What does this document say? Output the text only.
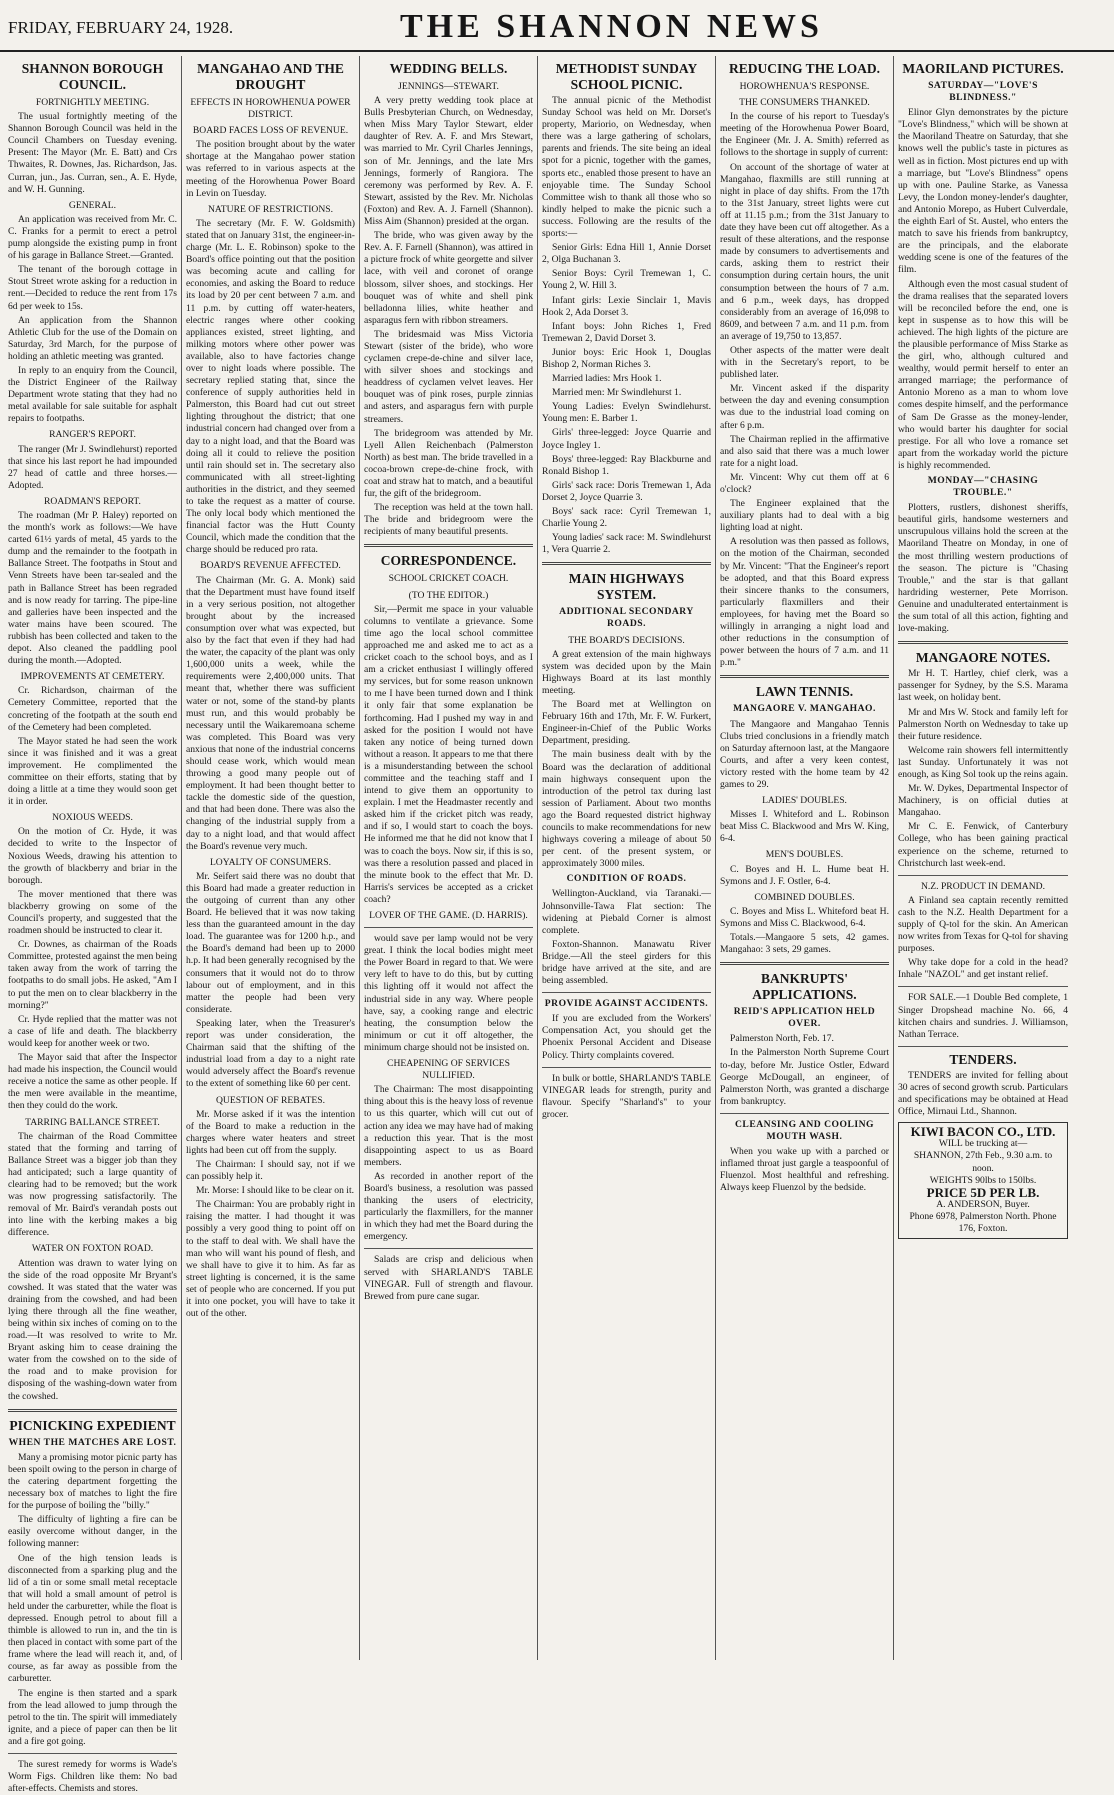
FRIDAY, FEBRUARY 24, 1928.	THE SHANNON NEWS
SHANNON BOROUGH COUNCIL.
FORTNIGHTLY MEETING.

The usual fortnightly meeting of the Shannon Borough Council was held in the Council Chambers on Tuesday evening. Present: The Mayor (Mr. E. Batt) and Crs Thwaites, R. Downes, Jas. Richardson, Jas. Curran, jun., Jas. Curran, sen., A. E. Hyde, and W. H. Gunning.

GENERAL.

An application was received from Mr. C. C. Franks for a permit to erect a petrol pump alongside the existing pump in front of his garage in Ballance Street.—Granted.

The tenant of the borough cottage in Stout Street wrote asking for a reduction in rent.—Decided to reduce the rent from 17s 6d per week to 15s.

An application from the Shannon Athletic Club for the use of the Domain on Saturday, 3rd March, for the purpose of holding an athletic meeting was granted.

In reply to an enquiry from the Council, the District Engineer of the Railway Department wrote stating that they had no metal available for sale suitable for asphalt repairs to footpaths.

RANGER'S REPORT.

The ranger (Mr J. Swindlehurst) reported that since his last report he had impounded 27 head of cattle and three horses.—Adopted.

ROADMAN'S REPORT.

The roadman (Mr P. Haley) reported on the month's work as follows:—We have carted 61½ yards of metal, 45 yards to the dump and the remainder to the footpath in Ballance Street. The footpaths in Stout and Venn Streets have been tar-sealed and the path in Ballance Street has been regraded and is now ready for tarring. The pipe-line and galleries have been inspected and the water mains have been scoured. The rubbish has been collected and taken to the depot. Also cleaned the paddling pool during the month.—Adopted.

IMPROVEMENTS AT CEMETERY.

Cr. Richardson, chairman of the Cemetery Committee, reported that the concreting of the footpath at the south end of the Cemetery had been completed.

The Mayor stated he had seen the work since it was finished and it was a great improvement. He complimented the committee on their efforts, stating that by doing a little at a time they would soon get it in order.

NOXIOUS WEEDS.

On the motion of Cr. Hyde, it was decided to write to the Inspector of Noxious Weeds, drawing his attention to the growth of blackberry and briar in the borough.

The mover mentioned that there was blackberry growing on some of the Council's property, and suggested that the roadmen should be instructed to clear it.

Cr. Downes, as chairman of the Roads Committee, protested against the men being taken away from the work of tarring the footpaths to do small jobs. He asked, "Am I to put the men on to clear blackberry in the morning?"

Cr. Hyde replied that the matter was not a case of life and death. The blackberry would keep for another week or two.

The Mayor said that after the Inspector had made his inspection, the Council would receive a notice the same as other people. If the men were available in the meantime, then they could do the work.

TARRING BALLANCE STREET.

The chairman of the Road Committee stated that the forming and tarring of Ballance Street was a bigger job than they had anticipated; such a large quantity of clearing had to be removed; but the work was now progressing satisfactorily. The removal of Mr. Baird's verandah posts out into line with the kerbing makes a big difference.

WATER ON FOXTON ROAD.

Attention was drawn to water lying on the side of the road opposite Mr Bryant's cowshed. It was stated that the water was draining from the cowshed, and had been lying there through all the fine weather, being within six inches of coming on to the road.—It was resolved to write to Mr. Bryant asking him to cease draining the water from the cowshed on to the side of the road and to make provision for disposing of the washing-down water from the cowshed.

PICNICKING EXPEDIENT
WHEN THE MATCHES ARE LOST.

Many a promising motor picnic party has been spoilt owing to the person in charge of the catering department forgetting the necessary box of matches to light the fire for the purpose of boiling the "billy."

The difficulty of lighting a fire can be easily overcome without danger, in the following manner:

One of the high tension leads is disconnected from a sparking plug and the lid of a tin or some small metal receptacle that will hold a small amount of petrol is held under the carburetter, while the float is depressed. Enough petrol to about fill a thimble is allowed to run in, and the tin is then placed in contact with some part of the frame where the lead will reach it, and, of course, as far away as possible from the carburetter.

The engine is then started and a spark from the lead allowed to jump through the petrol to the tin. The spirit will immediately ignite, and a piece of paper can then be lit and a fire got going.

The surest remedy for worms is Wade's Worm Figs. Children like them: No bad after-effects. Chemists and stores.

MANGAHAO AND THE DROUGHT
EFFECTS IN HOROWHENUA POWER DISTRICT.
BOARD FACES LOSS OF REVENUE.

The position brought about by the water shortage at the Mangahao power station was referred to in various aspects at the meeting of the Horowhenua Power Board in Levin on Tuesday.

NATURE OF RESTRICTIONS.

The secretary (Mr. F. W. Goldsmith) stated that on January 31st, the engineer-in-charge (Mr. L. E. Robinson) spoke to the Board's office pointing out that the position was becoming acute and calling for economies, and asking the Board to reduce its load by 20 per cent between 7 a.m. and 11 p.m. by cutting off water-heaters, electric ranges where other cooking appliances existed, street lighting, and milking motors where other power was available, also to have factories change over to night loads where possible. The secretary replied stating that, since the conference of supply authorities held in Palmerston, this Board had cut out street lighting throughout the district; that one industrial concern had changed over from a day to a night load, and that the Board was doing all it could to relieve the position until rain should set in. The secretary also communicated with all street-lighting authorities in the district, and they seemed to take the request as a matter of course. The only local body which mentioned the financial factor was the Hutt County Council, which made the condition that the charge should be reduced pro rata.

BOARD'S REVENUE AFFECTED.

The Chairman (Mr. G. A. Monk) said that the Department must have found itself in a very serious position, not altogether brought about by the increased consumption over what was expected, but also by the fact that even if they had had the water, the capacity of the plant was only 1,600,000 units a week, while the requirements were 2,400,000 units. That meant that, whether there was sufficient water or not, some of the stand-by plants must run, and this would probably be necessary until the Waikaremoana scheme was completed. This Board was very anxious that none of the industrial concerns should cease work, which would mean throwing a good many people out of employment. It had been thought better to tackle the domestic side of the question, and that had been done. There was also the changing of the industrial supply from a day to a night load, and that would affect the Board's revenue very much.

LOYALTY OF CONSUMERS.

Mr. Seifert said there was no doubt that this Board had made a greater reduction in the outgoing of current than any other Board. He believed that it was now taking less than the guaranteed amount in the day load. The guarantee was for 1200 h.p., and the Board's demand had been up to 2000 h.p. It had been generally recognised by the consumers that it would not do to throw labour out of employment, and in this matter the people had been very considerate.

Speaking later, when the Treasurer's report was under consideration, the Chairman said that the shifting of the industrial load from a day to a night rate would adversely affect the Board's revenue to the extent of something like 60 per cent.

QUESTION OF REBATES.

Mr. Morse asked if it was the intention of the Board to make a reduction in the charges where water heaters and street lights had been cut off from the supply.

The Chairman: I should say, not if we can possibly help it.

Mr. Morse: I should like to be clear on it.

The Chairman: You are probably right in raising the matter. I had thought it was possibly a very good thing to point off on to the staff to deal with. We shall have the man who will want his pound of flesh, and we shall have to give it to him. As far as street lighting is concerned, it is the same set of people who are concerned. If you put it into one pocket, you will have to take it out of the other.

WEDDING BELLS.
JENNINGS—STEWART.

A very pretty wedding took place at Bulls Presbyterian Church, on Wednesday, when Miss Mary Taylor Stewart, elder daughter of Rev. A. F. and Mrs Stewart, was married to Mr. Cyril Charles Jennings, son of Mr. Jennings, and the late Mrs Jennings, formerly of Rangiora. The ceremony was performed by Rev. A. F. Stewart, assisted by the Rev. Mr. Nicholas (Foxton) and Rev. A. J. Farnell (Shannon). Miss Aim (Shannon) presided at the organ.

The bride, who was given away by the Rev. A. F. Farnell (Shannon), was attired in a picture frock of white georgette and silver lace, with veil and coronet of orange blossom, silver shoes, and stockings. Her bouquet was of white and shell pink belladonna lilies, white heather and asparagus fern with ribbon streamers.

The bridesmaid was Miss Victoria Stewart (sister of the bride), who wore cyclamen crepe-de-chine and silver lace, with silver shoes and stockings and headdress of cyclamen velvet leaves. Her bouquet was of pink roses, purple zinnias and asters, and asparagus fern with purple streamers.

The bridegroom was attended by Mr. Lyell Allen Reichenbach (Palmerston North) as best man. The bride travelled in a cocoa-brown crepe-de-chine frock, with coat and straw hat to match, and a beautiful fur, the gift of the bridegroom.

The reception was held at the town hall. The bride and bridegroom were the recipients of many beautiful presents.

CORRESPONDENCE.
SCHOOL CRICKET COACH.
(TO THE EDITOR.)

Sir,—Permit me space in your valuable columns to ventilate a grievance. Some time ago the local school committee approached me and asked me to act as a cricket coach to the school boys, and as I am a cricket enthusiast I willingly offered my services, but for some reason unknown to me I have been turned down and I think it only fair that some explanation be forthcoming. Had I pushed my way in and asked for the position I would not have taken any notice of being turned down without a reason. It appears to me that there is a misunderstanding between the school committee and the teaching staff and I intend to give them an opportunity to explain. I met the Headmaster recently and asked him if the cricket pitch was ready, and if so, I would start to coach the boys. He informed me that he did not know that I was to coach the boys. Now sir, if this is so, was there a resolution passed and placed in the minute book to the effect that Mr. D. Harris's services be accepted as a cricket coach?

LOVER OF THE GAME. (D. HARRIS).

would save per lamp would not be very great. I think the local bodies might meet the Power Board in regard to that. We were very left to have to do this, but by cutting this lighting off it would not affect the industrial side in any way. Where people have, say, a cooking range and electric heating, the consumption below the minimum or cut it off altogether, the minimum charge should not be insisted on.

CHEAPENING OF SERVICES NULLIFIED.

The Chairman: The most disappointing thing about this is the heavy loss of revenue to us this quarter, which will cut out of action any idea we may have had of making a reduction this year. That is the most disappointing aspect to us as Board members.

As recorded in another report of the Board's business, a resolution was passed thanking the users of electricity, particularly the flaxmillers, for the manner in which they had met the Board during the emergency.

Salads are crisp and delicious when served with SHARLAND'S TABLE VINEGAR. Full of strength and flavour. Brewed from pure cane sugar.

METHODIST SUNDAY SCHOOL PICNIC.

The annual picnic of the Methodist Sunday School was held on Mr. Dorset's property, Mariorio, on Wednesday, when there was a large gathering of scholars, parents and friends. The site being an ideal spot for a picnic, together with the games, sports etc., enabled those present to have an enjoyable time. The Sunday School Committee wish to thank all those who so kindly helped to make the picnic such a success. Following are the results of the sports:—

Senior Girls: Edna Hill 1, Annie Dorset 2, Olga Buchanan 3.

Senior Boys: Cyril Tremewan 1, C. Young 2, W. Hill 3.

Infant girls: Lexie Sinclair 1, Mavis Hook 2, Ada Dorset 3.

Infant boys: John Riches 1, Fred Tremewan 2, David Dorset 3.

Junior boys: Eric Hook 1, Douglas Bishop 2, Norman Riches 3.

Married ladies: Mrs Hook 1.

Married men: Mr Swindlehurst 1.

Young Ladies: Evelyn Swindlehurst. Young men: E. Barber 1.

Girls' three-legged: Joyce Quarrie and Joyce Ingley 1.

Boys' three-legged: Ray Blackburne and Ronald Bishop 1.

Girls' sack race: Doris Tremewan 1, Ada Dorset 2, Joyce Quarrie 3.

Boys' sack race: Cyril Tremewan 1, Charlie Young 2.

Young ladies' sack race: M. Swindlehurst 1, Vera Quarrie 2.

MAIN HIGHWAYS SYSTEM.
ADDITIONAL SECONDARY ROADS.
THE BOARD'S DECISIONS.

A great extension of the main highways system was decided upon by the Main Highways Board at its last monthly meeting.

The Board met at Wellington on February 16th and 17th, Mr. F. W. Furkert, Engineer-in-Chief of the Public Works Department, presiding.

The main business dealt with by the Board was the declaration of additional main highways consequent upon the introduction of the petrol tax during last session of Parliament. About two months ago the Board requested district highway councils to make recommendations for new highways covering a mileage of about 50 per cent. of the present system, or approximately 3000 miles.

CONDITION OF ROADS.

Wellington-Auckland, via Taranaki.—Johnsonville-Tawa Flat section: The widening at Piebald Corner is almost complete.

Foxton-Shannon. Manawatu River Bridge.—All the steel girders for this bridge have arrived at the site, and are being assembled.

PROVIDE AGAINST ACCIDENTS.

If you are excluded from the Workers' Compensation Act, you should get the Phoenix Personal Accident and Disease Policy. Thirty complaints covered.

In bulk or bottle, SHARLAND'S TABLE VINEGAR leads for strength, purity and flavour. Specify "Sharland's" to your grocer.

REDUCING THE LOAD.
HOROWHENUA'S RESPONSE.
THE CONSUMERS THANKED.

In the course of his report to Tuesday's meeting of the Horowhenua Power Board, the Engineer (Mr. J. A. Smith) referred as follows to the shortage in supply of current:

On account of the shortage of water at Mangahao, flaxmills are still running at night in place of day shifts. From the 17th to the 31st January, street lights were cut off at 11.15 p.m.; from the 31st January to date they have been cut off altogether. As a result of these alterations, and the response made by consumers to advertisements and cards, asking them to restrict their consumption during certain hours, the unit consumption between the hours of 7 a.m. and 6 p.m., week days, has dropped considerably from an average of 16,098 to 8609, and between 7 a.m. and 11 p.m. from an average of 19,750 to 13,857.

Other aspects of the matter were dealt with in the Secretary's report, to be published later.

Mr. Vincent asked if the disparity between the day and evening consumption was due to the industrial load coming on after 6 p.m.

The Chairman replied in the affirmative and also said that there was a much lower rate for a night load.

Mr. Vincent: Why cut them off at 6 o'clock?

The Engineer explained that the auxiliary plants had to deal with a big lighting load at night.

A resolution was then passed as follows, on the motion of the Chairman, seconded by Mr. Vincent: "That the Engineer's report be adopted, and that this Board express their sincere thanks to the consumers, particularly flaxmillers and their employees, for having met the Board so willingly in arranging a night load and other reductions in the consumption of power between the hours of 7 a.m. and 11 p.m."

LAWN TENNIS.
MANGAORE V. MANGAHAO.

The Mangaore and Mangahao Tennis Clubs tried conclusions in a friendly match on Saturday afternoon last, at the Mangaore Courts, and after a very keen contest, victory rested with the home team by 42 games to 29.

LADIES' DOUBLES.

Misses I. Whiteford and L. Robinson beat Miss C. Blackwood and Mrs W. King, 6-4.

MEN'S DOUBLES.

C. Boyes and H. L. Hume beat H. Symons and J. F. Ostler, 6-4.

COMBINED DOUBLES.

C. Boyes and Miss L. Whiteford beat H. Symons and Miss C. Blackwood, 6-4.

Totals.—Mangaore 5 sets, 42 games. Mangahao: 3 sets, 29 games.

BANKRUPTS' APPLICATIONS.
REID'S APPLICATION HELD OVER.

Palmerston North, Feb. 17.

In the Palmerston North Supreme Court to-day, before Mr. Justice Ostler, Edward George McDougall, an engineer, of Palmerston North, was granted a discharge from bankruptcy.

CLEANSING AND COOLING MOUTH WASH.

When you wake up with a parched or inflamed throat just gargle a teaspoonful of Fluenzol. Most healthful and refreshing. Always keep Fluenzol by the bedside.

MAORILAND PICTURES.
SATURDAY—"LOVE'S BLINDNESS."

Elinor Glyn demonstrates by the picture "Love's Blindness," which will be shown at the Maoriland Theatre on Saturday, that she knows well the public's taste in pictures as well as in fiction. Most pictures end up with a marriage, but "Love's Blindness" opens up with one. Pauline Starke, as Vanessa Levy, the London money-lender's daughter, and Antonio Morepo, as Hubert Culverdale, the eighth Earl of St. Austel, who enters the match to save his friends from bankruptcy, are the principals, and the elaborate wedding scene is one of the features of the film.

Although even the most casual student of the drama realises that the separated lovers will be reconciled before the end, one is kept in suspense as to how this will be achieved. The high lights of the picture are the plausible performance of Miss Starke as the girl, who, although cultured and wealthy, would permit herself to enter an arranged marriage; the performance of Antonio Moreno as a man to whom love comes despite himself, and the performance of Sam De Grasse as the money-lender, who would barter his daughter for social prestige. For all who love a romance set apart from the workaday world the picture is highly recommended.

MONDAY—"CHASING TROUBLE."

Plotters, rustlers, dishonest sheriffs, beautiful girls, handsome westerners and unscrupulous villains hold the screen at the Maoriland Theatre on Monday, in one of the most thrilling western productions of the season. The picture is "Chasing Trouble," and the star is that gallant hardriding westerner, Pete Morrison. Genuine and unadulterated entertainment is the sum total of all this action, fighting and love-making.

MANGAORE NOTES.

Mr H. T. Hartley, chief clerk, was a passenger for Sydney, by the S.S. Marama last week, on holiday bent.

Mr and Mrs W. Stock and family left for Palmerston North on Wednesday to take up their future residence.

Welcome rain showers fell intermittently last Sunday. Unfortunately it was not enough, as King Sol took up the reins again.

Mr. W. Dykes, Departmental Inspector of Machinery, is on official duties at Mangahao.

Mr C. E. Fenwick, of Canterbury College, who has been gaining practical experience on the scheme, returned to Christchurch last week-end.

N.Z. PRODUCT IN DEMAND.

A Finland sea captain recently remitted cash to the N.Z. Health Department for a supply of Q-tol for the skin. An American now writes from Texas for Q-tol for shaving purposes.

Why take dope for a cold in the head? Inhale "NAZOL" and get instant relief.

FOR SALE.—1 Double Bed complete, 1 Singer Dropshead machine No. 66, 4 kitchen chairs and sundries. J. Williamson, Nathan Terrace.

TENDERS.

TENDERS are invited for felling about 30 acres of second growth scrub. Particulars and specifications may be obtained at Head Office, Mirnaui Ltd., Shannon.

KIWI BACON CO., LTD.
WILL be trucking at—
SHANNON, 27th Feb., 9.30 a.m. to noon.
WEIGHTS 90lbs to 150lbs.
PRICE 5D PER LB.
A. ANDERSON, Buyer.
Phone 6978, Palmerston North. Phone 176, Foxton.
